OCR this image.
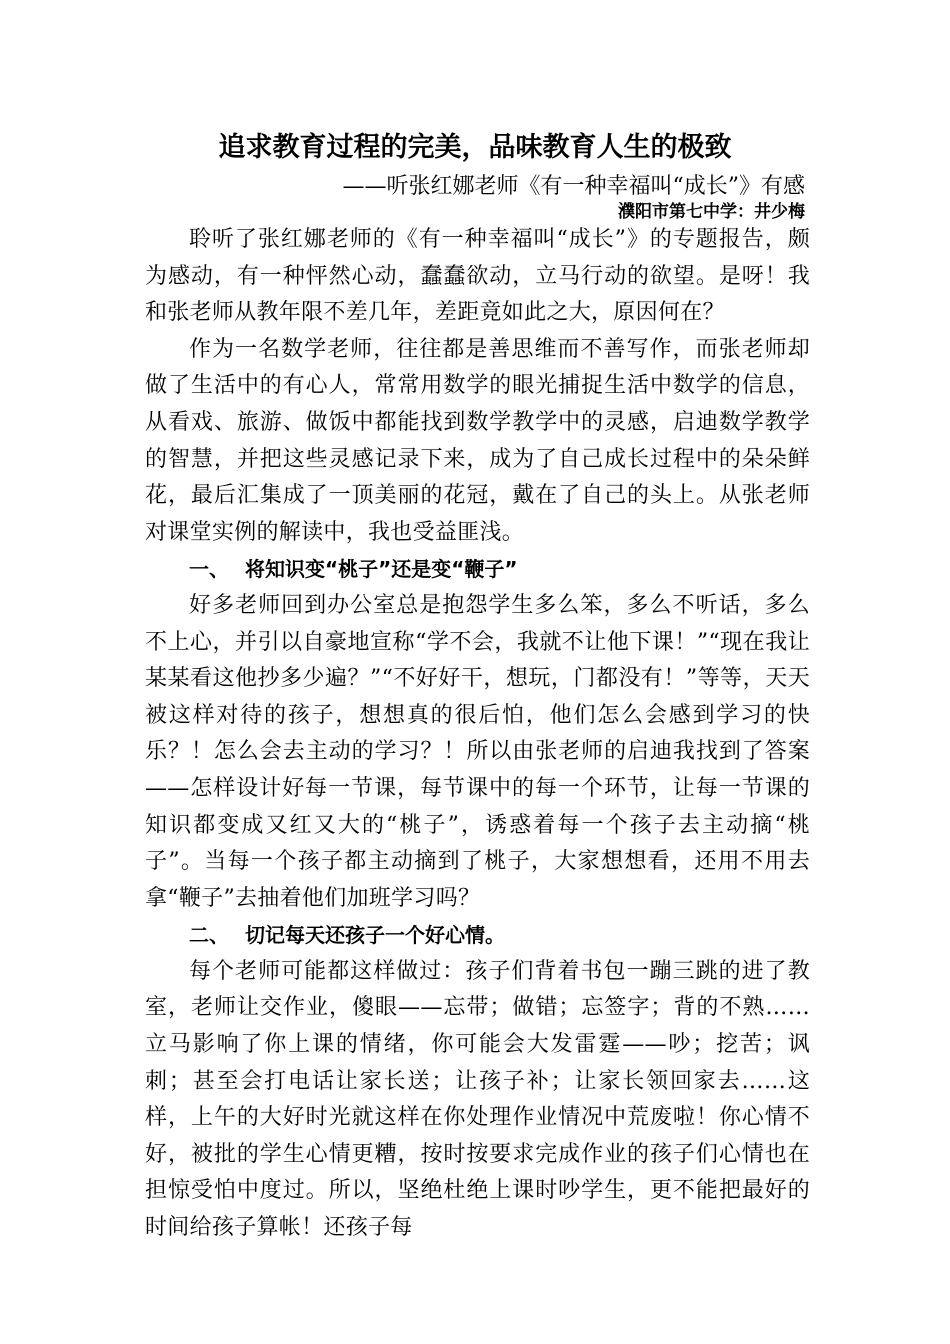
追求教育过程的完美，品味教育人生的极致
——听张红娜老师《有一种幸福叫“成长”》有感
濮阳市第七中学：井少梅

聆听了张红娜老师的《有一种幸福叫“成长”》的专题报告，颇为感动，有一种怦然心动，蠢蠢欲动，立马行动的欲望。是呀！我和张老师从教年限不差几年，差距竟如此之大，原因何在？

作为一名数学老师，往往都是善思维而不善写作，而张老师却做了生活中的有心人，常常用数学的眼光捕捉生活中数学的信息，从看戏、旅游、做饭中都能找到数学教学中的灵感，启迪数学教学的智慧，并把这些灵感记录下来，成为了自己成长过程中的朵朵鲜花，最后汇集成了一顶美丽的花冠，戴在了自己的头上。从张老师对课堂实例的解读中，我也受益匪浅。

一、 将知识变“桃子”还是变“鞭子”

好多老师回到办公室总是抱怨学生多么笨，多么不听话，多么不上心，并引以自豪地宣称“学不会，我就不让他下课！”“现在我让某某看这他抄多少遍？”“不好好干，想玩，门都没有！”等等，天天被这样对待的孩子，想想真的很后怕，他们怎么会感到学习的快乐？！怎么会去主动的学习？！所以由张老师的启迪我找到了答案——怎样设计好每一节课，每节课中的每一个环节，让每一节课的知识都变成又红又大的“桃子”，诱惑着每一个孩子去主动摘“桃子”。当每一个孩子都主动摘到了桃子，大家想想看，还用不用去拿“鞭子”去抽着他们加班学习吗？

二、 切记每天还孩子一个好心情。

每个老师可能都这样做过：孩子们背着书包一蹦三跳的进了教室，老师让交作业，傻眼——忘带；做错；忘签字；背的不熟……立马影响了你上课的情绪，你可能会大发雷霆——吵；挖苦；讽刺；甚至会打电话让家长送；让孩子补；让家长领回家去……这样，上午的大好时光就这样在你处理作业情况中荒废啦！你心情不好，被批的学生心情更糟，按时按要求完成作业的孩子们心情也在担惊受怕中度过。所以，坚绝杜绝上课时吵学生，更不能把最好的时间给孩子算帐！还孩子每
